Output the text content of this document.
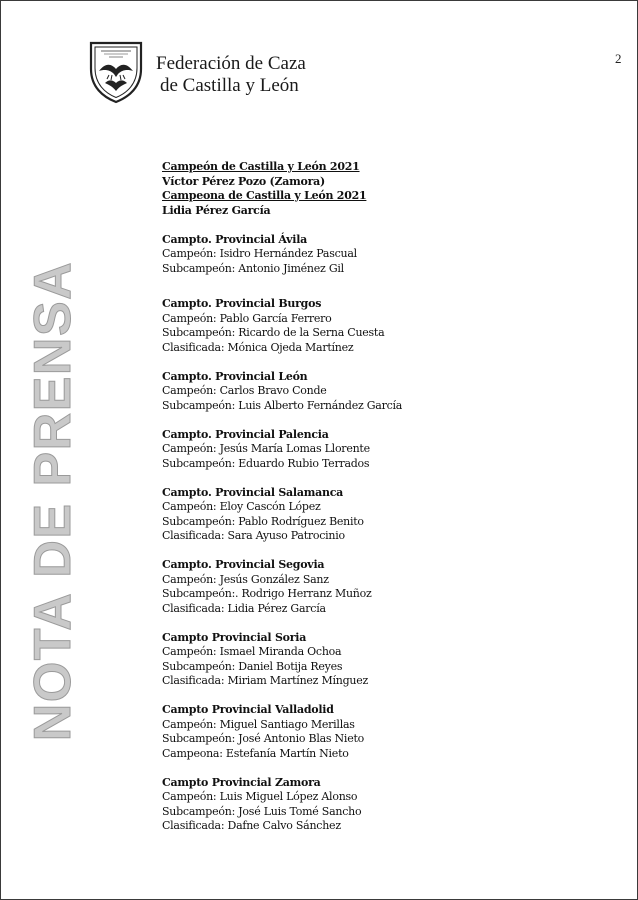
Federación de Caza
de Castilla y León
2
NOTA DE PRENSA
Campeón de Castilla y León 2021
Víctor Pérez Pozo (Zamora)
Campeona de Castilla y León 2021
Lidia Pérez García
Campto. Provincial Ávila
Campeón: Isidro Hernández Pascual
Subcampeón: Antonio Jiménez Gil
Campto. Provincial Burgos
Campeón: Pablo García Ferrero
Subcampeón: Ricardo de la Serna Cuesta
Clasificada: Mónica Ojeda Martínez
Campto. Provincial León
Campeón: Carlos Bravo Conde
Subcampeón: Luis Alberto Fernández García
Campto. Provincial Palencia
Campeón: Jesús María Lomas Llorente
Subcampeón: Eduardo Rubio Terrados
Campto. Provincial Salamanca
Campeón: Eloy Cascón López
Subcampeón: Pablo Rodríguez Benito
Clasificada: Sara Ayuso Patrocinio
Campto. Provincial Segovia
Campeón: Jesús González Sanz
Subcampeón:. Rodrigo Herranz Muñoz
Clasificada: Lidia Pérez García
Campto Provincial Soria
Campeón: Ismael Miranda Ochoa
Subcampeón: Daniel Botija Reyes
Clasificada: Miriam Martínez Mínguez
Campto Provincial Valladolid
Campeón: Miguel Santiago Merillas
Subcampeón: José Antonio Blas Nieto
Campeona: Estefanía Martín Nieto
Campto Provincial Zamora
Campeón: Luis Miguel López Alonso
Subcampeón: José Luis Tomé Sancho
Clasificada: Dafne Calvo Sánchez
